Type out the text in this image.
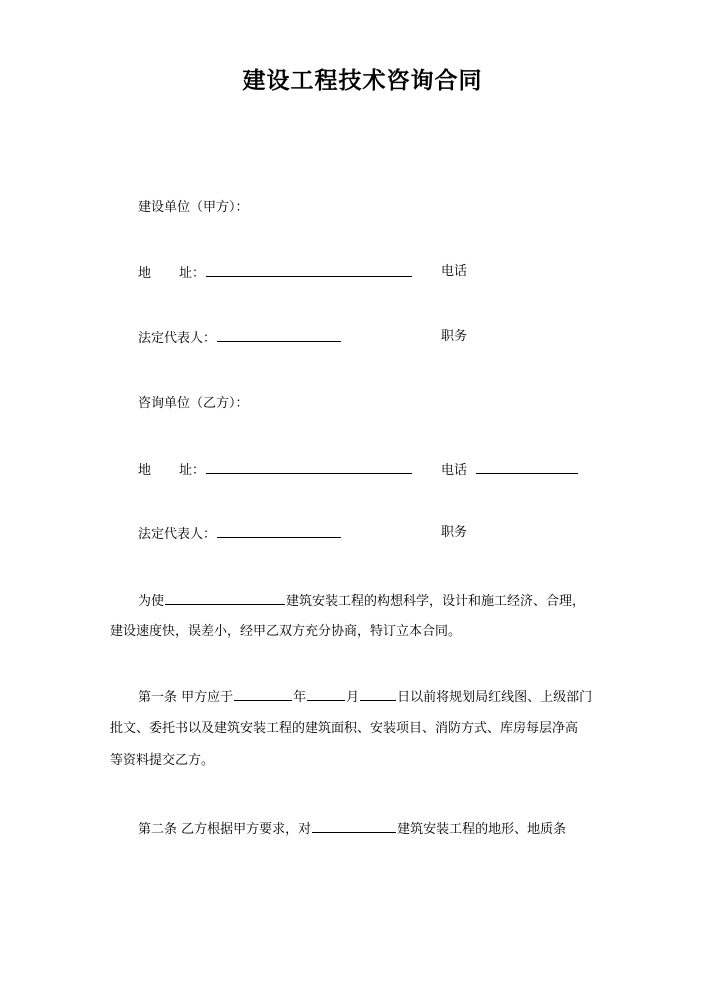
建设工程技术咨询合同
建设单位（甲方）：
地 址：	电话
法定代表人：	职务
咨询单位（乙方）：
地 址：	电话
法定代表人：	职务
为使	建筑安装工程的构想科学，设计和施工经济、合理，
建设速度快，误差小，经甲乙双方充分协商，特订立本合同。
第一条 甲方应于	年	月	日以前将规划局红线图、上级部门
批文、委托书以及建筑安装工程的建筑面积、安装项目、消防方式、库房每层净高
等资料提交乙方。
第二条 乙方根据甲方要求，对	建筑安装工程的地形、地质条
